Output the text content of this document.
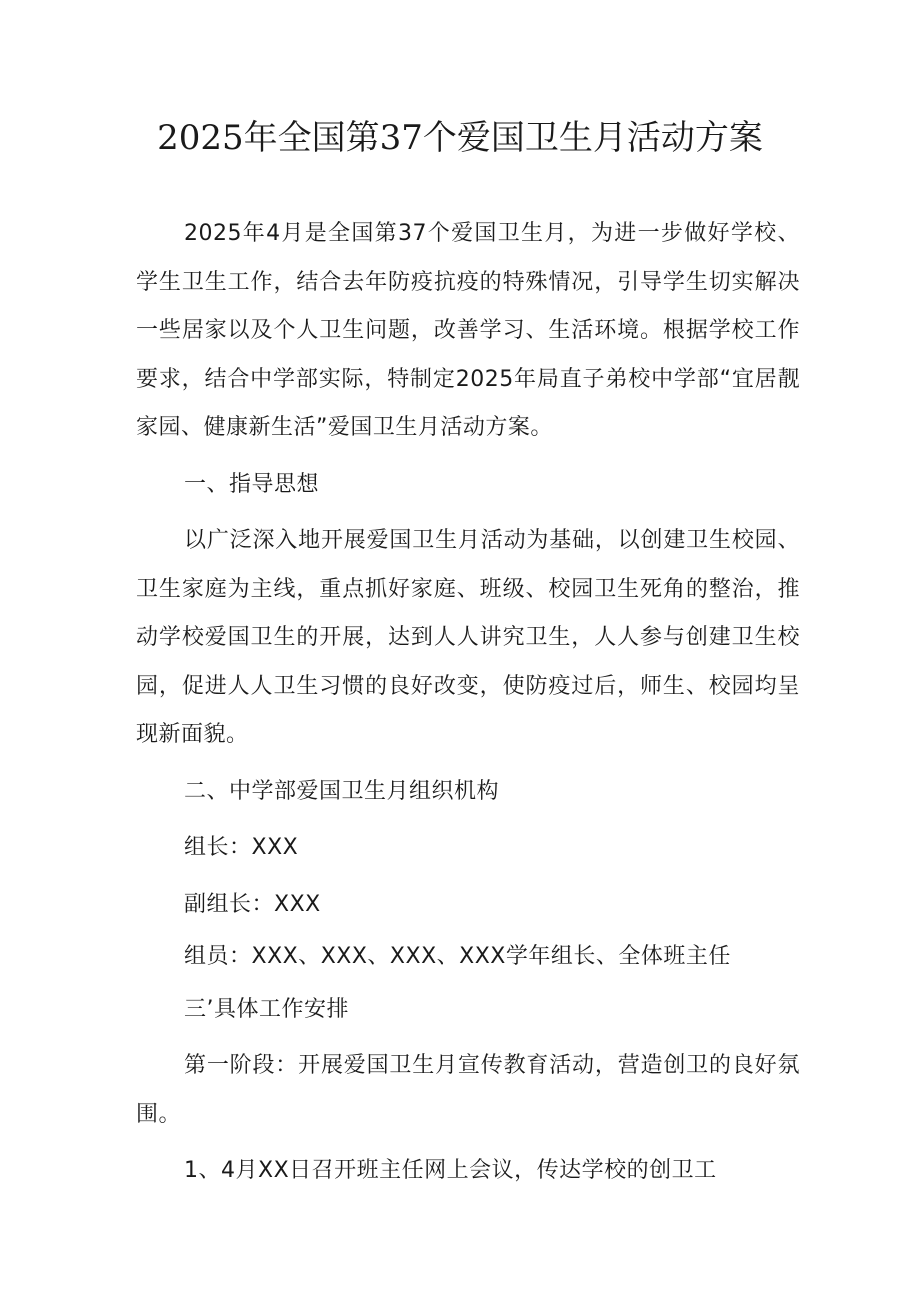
2025年全国第37个爱国卫生月活动方案

2025年4月是全国第37个爱国卫生月，为进一步做好学校、学生卫生工作，结合去年防疫抗疫的特殊情况，引导学生切实解决一些居家以及个人卫生问题，改善学习、生活环境。根据学校工作要求，结合中学部实际，特制定2025年局直子弟校中学部“宜居靓家园、健康新生活”爱国卫生月活动方案。

一、指导思想

以广泛深入地开展爱国卫生月活动为基础，以创建卫生校园、卫生家庭为主线，重点抓好家庭、班级、校园卫生死角的整治，推动学校爱国卫生的开展，达到人人讲究卫生，人人参与创建卫生校园，促进人人卫生习惯的良好改变，使防疫过后，师生、校园均呈现新面貌。

二、中学部爱国卫生月组织机构

组长：XXX

副组长：XXX

组员：XXX、XXX、XXX、XXX学年组长、全体班主任

三’具体工作安排

第一阶段：开展爱国卫生月宣传教育活动，营造创卫的良好氛围。

1、4月XX日召开班主任网上会议，传达学校的创卫工
